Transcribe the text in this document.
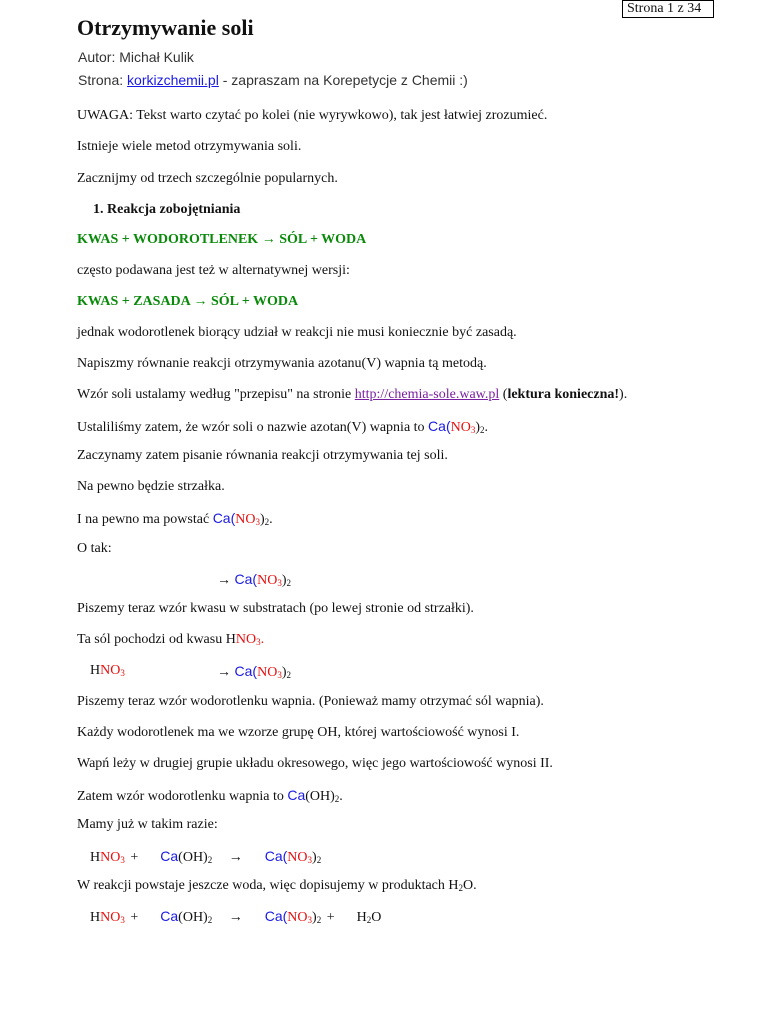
Strona 1 z 34
Otrzymywanie soli
Autor: Michał Kulik
Strona: korkizchemii.pl - zapraszam na Korepetycje z Chemii :)
UWAGA: Tekst warto czytać po kolei (nie wyrywkowo), tak jest łatwiej zrozumieć.
Istnieje wiele metod otrzymywania soli.
Zacznijmy od trzech szczególnie popularnych.
1. Reakcja zobojętniania
KWAS + WODOROTLENEK → SÓL + WODA
często podawana jest też w alternatywnej wersji:
KWAS + ZASADA → SÓL + WODA
jednak wodorotlenek biorący udział w reakcji nie musi koniecznie być zasadą.
Napiszmy równanie reakcji otrzymywania azotanu(V) wapnia tą metodą.
Wzór soli ustalamy według "przepisu" na stronie http://chemia-sole.waw.pl (lektura konieczna!).
Ustaliliśmy zatem, że wzór soli o nazwie azotan(V) wapnia to $Ca(NO_3)_2$.
Zaczynamy zatem pisanie równania reakcji otrzymywania tej soli.
Na pewno będzie strzałka.
I na pewno ma powstać $Ca(NO_3)_2$.
O tak:
→ $Ca(NO_3)_2$
Piszemy teraz wzór kwasu w substratach (po lewej stronie od strzałki).
Ta sól pochodzi od kwasu $HNO_3$.
$HNO_3$	→ $Ca(NO_3)_2$
Piszemy teraz wzór wodorotlenku wapnia. (Ponieważ mamy otrzymać sól wapnia).
Każdy wodorotlenek ma we wzorze grupę OH, której wartościowość wynosi I.
Wapń leży w drugiej grupie układu okresowego, więc jego wartościowość wynosi II.
Zatem wzór wodorotlenku wapnia to $Ca(OH)_2$.
Mamy już w takim razie:
$HNO_3 + Ca(OH)_2 \to Ca(NO_3)_2$
W reakcji powstaje jeszcze woda, więc dopisujemy w produktach $H_2O$.
$HNO_3 + Ca(OH)_2 \to Ca(NO_3)_2 + H_2O$
